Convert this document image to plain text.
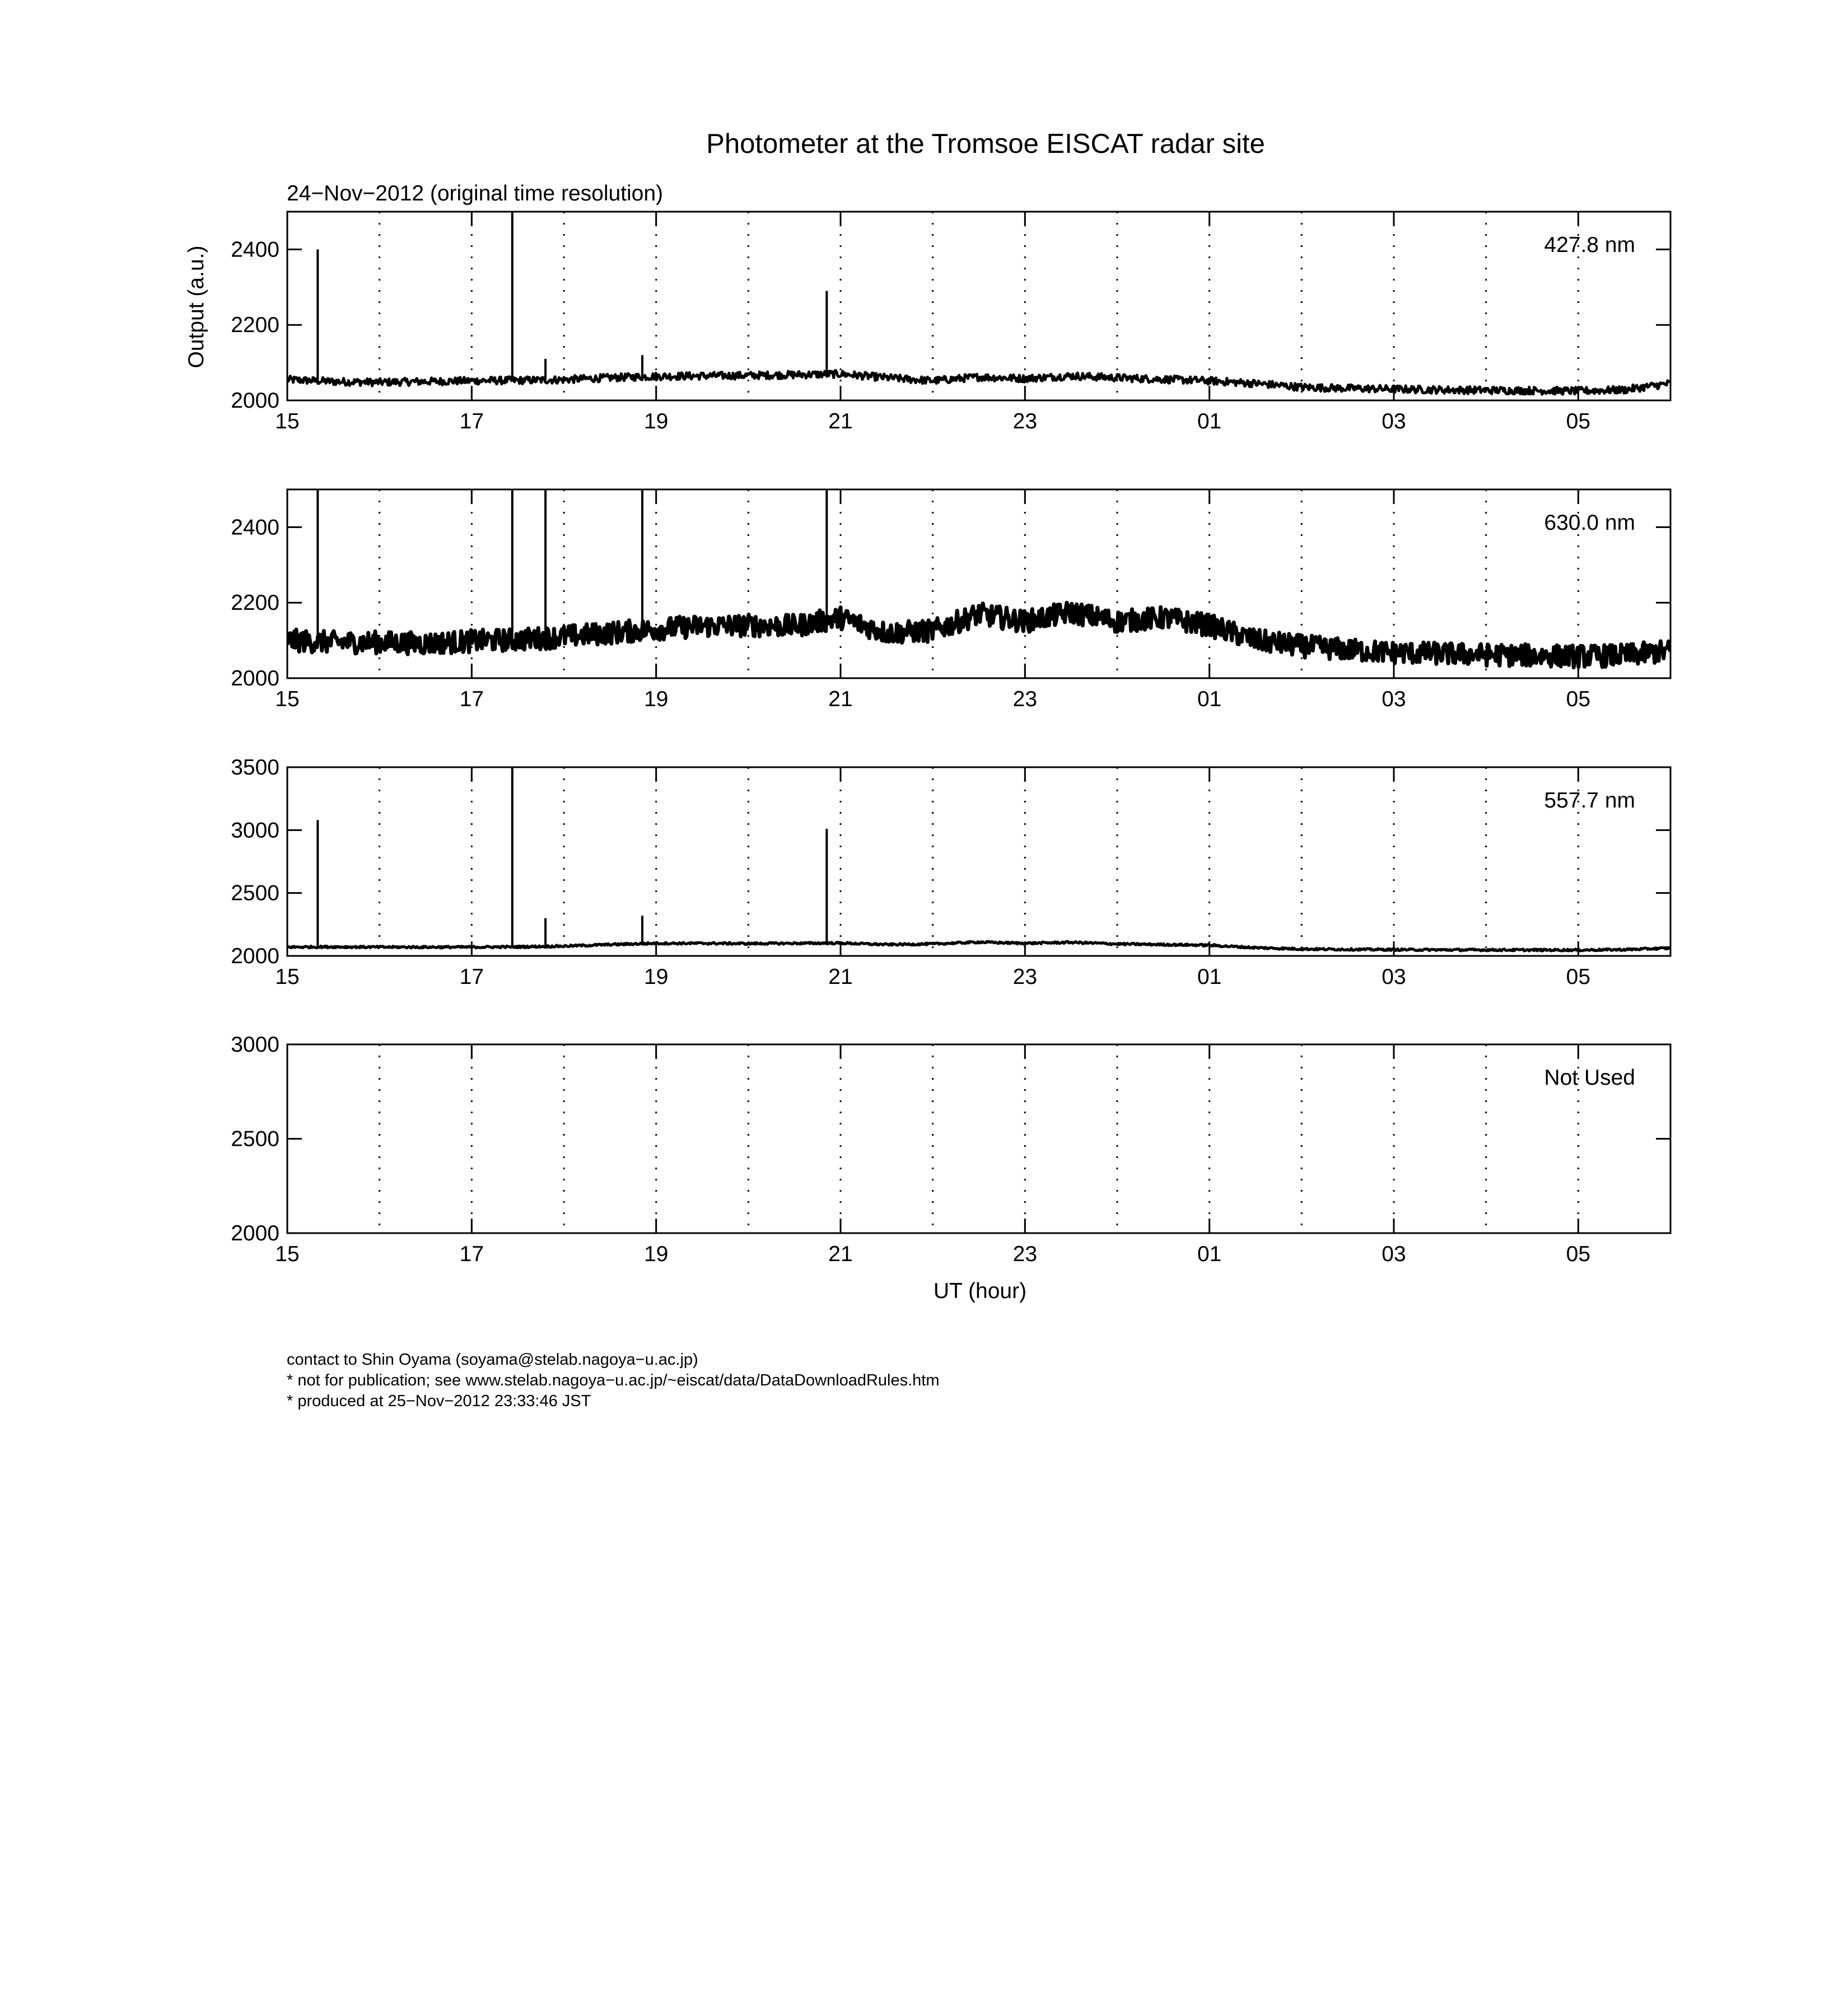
Photometer at the Tromsoe EISCAT radar site
24−Nov−2012 (original time resolution)
Output (a.u.)
UT (hour)
2000
2200
2400
15	17	19	21	23	01	03	05
427.8 nm
2000
2200
2400
15	17	19	21	23	01	03	05
630.0 nm
2000
2500
3000
3500
15	17	19	21	23	01	03	05
557.7 nm
2000
2500
3000
15	17	19	21	23	01	03	05
Not Used
contact to Shin Oyama (soyama@stelab.nagoya−u.ac.jp)
* not for publication; see www.stelab.nagoya−u.ac.jp/~eiscat/data/DataDownloadRules.htm
* produced at 25−Nov−2012 23:33:46 JST
